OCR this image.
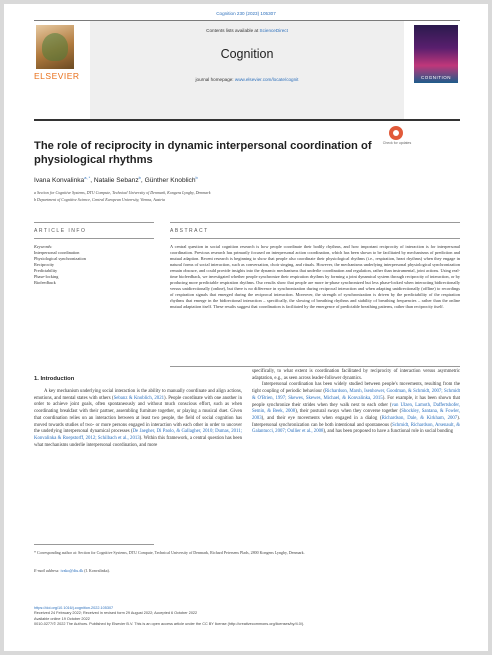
Cognition 230 (2023) 105307
ELSEVIER
Contents lists available at ScienceDirect
Cognition
journal homepage: www.elsevier.com/locate/cognit	COGNITION
The role of reciprocity in dynamic interpersonal coordination of physiological rhythms
Check for updates
Ivana Konvalinka$^{a, *}$, Natalie Sebanz$^b$, Günther Knoblich$^b$
a Section for Cognitive Systems, DTU Compute, Technical University of Denmark, Kongens Lyngby, Denmark
b Department of Cognitive Science, Central European University, Vienna, Austria
ARTICLE INFO	ABSTRACT
Keywords:
Interpersonal coordination
Physiological synchronization
Reciprocity
Predictability
Phase-locking
Biofeedback

A central question in social cognition research is how people coordinate their bodily rhythms, and how important reciprocity of interaction is for interpersonal coordination. Previous research has primarily focused on interpersonal action coordination, which has been shown to be facilitated by mechanisms of prediction and mutual adaption. Recent research is beginning to show that people also coordinate their physiological rhythms (i.e., respiration, heart rhythms) when they engage in natural forms of social interaction, such as conversation, choir singing, and rituals. However, the mechanisms underlying interpersonal physiological synchronization remain obscure, and could provide insights into the dynamic mechanisms that underlie coordination and regulation, rather than instrumental, joint actions. Using real-time biofeedback, we investigated whether people synchronize their respiration rhythms by forming a joint dynamical system through reciprocity of interaction, or by producing more predictable respiration rhythms. Our results show that people are more in-phase synchronized but less phase-locked when interacting bidirectionally versus unidirectionally (online), but there is no difference in synchronization during reciprocal interaction and when adapting unidirectionally (offline) to recordings of respiration signals that emerged during the reciprocal interaction. Moreover, the strength of synchronization is driven by the predictability of the respiration rhythms that emerge in the bidirectional interaction – specifically, the slowing of breathing rhythms and stability of breathing frequencies – rather than the online mutual adaptation itself. These results suggest that coordination is facilitated by the emergence of predictable breathing patterns, rather than reciprocity itself.

1. Introduction

A key mechanism underlying social interaction is the ability to manually coordinate and align actions, emotions, and mental states with others (Sebanz & Knoblich, 2021). People coordinate with one another in order to achieve joint goals, often spontaneously and without much conscious effort, such as when coordinating breakfast with their partner, assembling furniture together, or playing a musical duet. Given that coordination relies on an interaction between at least two people, the field of social cognition has moved towards studies of two- or more persons engaged in interaction with each other in order to uncover the underlying interpersonal dynamical processes (De Jaegher, Di Paolo, & Gallagher, 2010; Dumas, 2011; Konvalinka & Roepstorff, 2012; Schilbach et al., 2013). Within this framework, a central question has been what mechanisms underlie interpersonal coordination, and more

specifically, to what extent is coordination facilitated by reciprocity of interaction versus asymmetric adaptation, e.g., as seen across leader-follower dynamics.
Interpersonal coordination has been widely studied between people's movements, resulting from the tight coupling of periodic behaviour (Richardson, Marsh, Isenhower, Goodman, & Schmidt, 2007; Schmidt & O'Brien, 1997; Skewes, Skewes, Michael, & Konvalinka, 2015). For example, it has been shown that people synchronize their strides when they walk next to each other (van Ulzen, Lamoth, Daffertshofer, Semin, & Beek, 2008), their postural sways when they converse together (Shockley, Santana, & Fowler, 2003), and their eye movements when engaged in a dialog (Richardson, Dale, & Kirkham, 2007). Interpersonal synchronization can be both intentional and spontaneous (Schmidt, Richardson, Arsenault, & Galantucci, 2007; Oullier et al., 2008), and has been proposed to have a functional role in social bonding

* Corresponding author at: Section for Cognitive Systems, DTU Compute, Technical University of Denmark, Richard Petersens Plads, 2800 Kongens Lyngby, Denmark.
E-mail address: ivako@dtu.dk (I. Konvalinka).
https://doi.org/10.1016/j.cognition.2022.105307
Received 24 February 2022; Received in revised form 29 August 2022; Accepted 6 October 2022
Available online 19 October 2022
0010-0277/© 2022 The Authors. Published by Elsevier B.V. This is an open access article under the CC BY license (http://creativecommons.org/licenses/by/4.0/).
